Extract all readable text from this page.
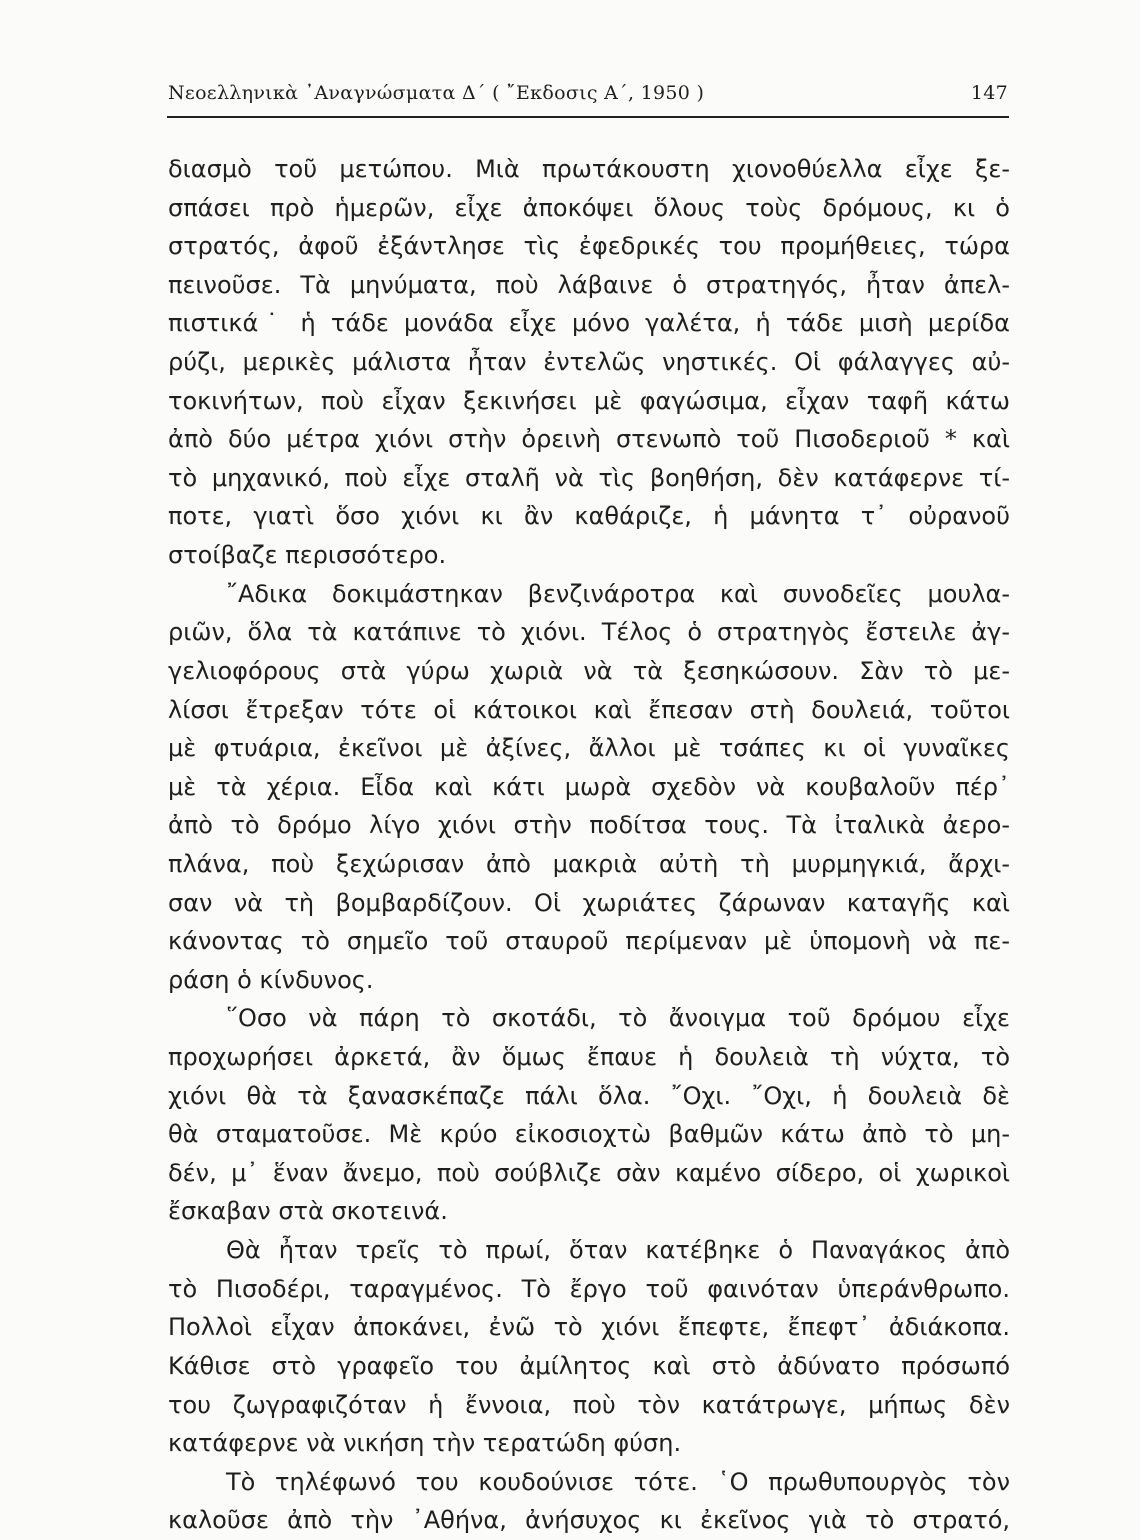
Νεοελληνικὰ ᾿Αναγνώσματα Δ΄ ( ῎Εκδοσις Α΄, 1950 )	147
διασμὸ τοῦ μετώπου. Μιὰ πρωτάκουστη χιονοθύελλα εἶχε ξε-
σπάσει πρὸ ἡμερῶν, εἶχε ἀποκόψει ὅλους τοὺς δρόμους, κι ὁ
στρατός, ἀφοῦ ἐξάντλησε τὶς ἐφεδρικές του προμήθειες, τώρα
πεινοῦσε. Τὰ μηνύματα, ποὺ λάβαινε ὁ στρατηγός, ἦταν ἀπελ-
πιστικά˙ ἡ τάδε μονάδα εἶχε μόνο γαλέτα, ἡ τάδε μισὴ μερίδα
ρύζι, μερικὲς μάλιστα ἦταν ἐντελῶς νηστικές. Οἱ φάλαγγες αὐ-
τοκινήτων, ποὺ εἶχαν ξεκινήσει μὲ φαγώσιμα, εἶχαν ταφῆ κάτω
ἀπὸ δύο μέτρα χιόνι στὴν ὀρεινὴ στενωπὸ τοῦ Πισοδεριοῦ * καὶ
τὸ μηχανικό, ποὺ εἶχε σταλῆ νὰ τὶς βοηθήση, δὲν κατάφερνε τί-
ποτε, γιατὶ ὅσο χιόνι κι ἂν καθάριζε, ἡ μάνητα τ᾿ οὐρανοῦ
στοίβαζε περισσότερο.
῎Αδικα δοκιμάστηκαν βενζινάροτρα καὶ συνοδεῖες μουλα-
ριῶν, ὅλα τὰ κατάπινε τὸ χιόνι. Τέλος ὁ στρατηγὸς ἔστειλε ἀγ-
γελιοφόρους στὰ γύρω χωριὰ νὰ τὰ ξεσηκώσουν. Σὰν τὸ με-
λίσσι ἔτρεξαν τότε οἱ κάτοικοι καὶ ἔπεσαν στὴ δουλειά, τοῦτοι
μὲ φτυάρια, ἐκεῖνοι μὲ ἀξίνες, ἄλλοι μὲ τσάπες κι οἱ γυναῖκες
μὲ τὰ χέρια. Εἶδα καὶ κάτι μωρὰ σχεδὸν νὰ κουβαλοῦν πέρ᾿
ἀπὸ τὸ δρόμο λίγο χιόνι στὴν ποδίτσα τους. Τὰ ἰταλικὰ ἀερο-
πλάνα, ποὺ ξεχώρισαν ἀπὸ μακριὰ αὐτὴ τὴ μυρμηγκιά, ἄρχι-
σαν νὰ τὴ βομβαρδίζουν. Οἱ χωριάτες ζάρωναν καταγῆς καὶ
κάνοντας τὸ σημεῖο τοῦ σταυροῦ περίμεναν μὲ ὑπομονὴ νὰ πε-
ράση ὁ κίνδυνος.
῞Οσο νὰ πάρη τὸ σκοτάδι, τὸ ἄνοιγμα τοῦ δρόμου εἶχε
προχωρήσει ἀρκετά, ἂν ὅμως ἔπαυε ἡ δουλειὰ τὴ νύχτα, τὸ
χιόνι θὰ τὰ ξανασκέπαζε πάλι ὅλα. ῎Οχι. ῎Οχι, ἡ δουλειὰ δὲ
θὰ σταματοῦσε. Μὲ κρύο εἰκοσιοχτὼ βαθμῶν κάτω ἀπὸ τὸ μη-
δέν, μ᾿ ἕναν ἄνεμο, ποὺ σούβλιζε σὰν καμένο σίδερο, οἱ χωρικοὶ
ἔσκαβαν στὰ σκοτεινά.
Θὰ ἦταν τρεῖς τὸ πρωί, ὅταν κατέβηκε ὁ Παναγάκος ἀπὸ
τὸ Πισοδέρι, ταραγμένος. Τὸ ἔργο τοῦ φαινόταν ὑπεράνθρωπο.
Πολλοὶ εἶχαν ἀποκάνει, ἐνῶ τὸ χιόνι ἔπεφτε, ἔπεφτ᾿ ἀδιάκοπα.
Κάθισε στὸ γραφεῖο του ἀμίλητος καὶ στὸ ἀδύνατο πρόσωπό
του ζωγραφιζόταν ἡ ἔννοια, ποὺ τὸν κατάτρωγε, μήπως δὲν
κατάφερνε νὰ νικήση τὴν τερατώδη φύση.
Τὸ τηλέφωνό του κουδούνισε τότε. ῾Ο πρωθυπουργὸς τὸν
καλοῦσε ἀπὸ τὴν ᾿Αθήνα, ἀνήσυχος κι ἐκεῖνος γιὰ τὸ στρατό,
